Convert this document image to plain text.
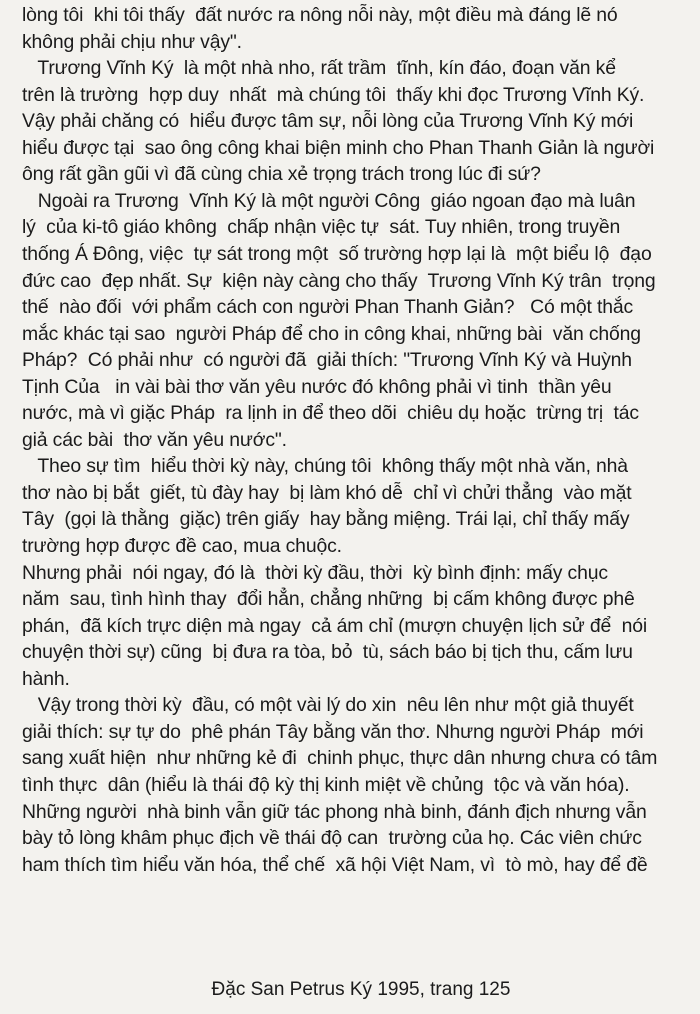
lòng tôi  khi tôi thấy  đất nước ra nông nỗi này, một điều mà đáng lẽ nó
không phải chịu như vậy".
Trương Vĩnh Ký  là một nhà nho, rất trầm  tĩnh, kín đáo, đoạn văn kể
trên là trường  hợp duy  nhất  mà chúng tôi  thấy khi đọc Trương Vĩnh Ký.
Vậy phải chăng có  hiểu được tâm sự, nỗi lòng của Trương Vĩnh Ký mới
hiểu được tại  sao ông công khai biện minh cho Phan Thanh Giản là người
ông rất gần gũi vì đã cùng chia xẻ trọng trách trong lúc đi sứ?
Ngoài ra Trương  Vĩnh Ký là một người Công  giáo ngoan đạo mà luân
lý  của ki-tô giáo không  chấp nhận việc tự  sát. Tuy nhiên, trong truyền
thống Á Đông, việc  tự sát trong một  số trường hợp lại là  một biểu lộ  đạo
đức cao  đẹp nhất. Sự  kiện này càng cho thấy  Trương Vĩnh Ký trân  trọng
thế  nào đối  với phẩm cách con người Phan Thanh Giản?   Có một thắc
mắc khác tại sao  người Pháp để cho in công khai, những bài  văn chống
Pháp?  Có phải như  có người đã  giải thích: "Trương Vĩnh Ký và Huỳnh
Tịnh Của   in vài bài thơ văn yêu nước đó không phải vì tinh  thần yêu
nước, mà vì giặc Pháp  ra lịnh in để theo dõi  chiêu dụ hoặc  trừng trị  tác
giả các bài  thơ văn yêu nước".
Theo sự tìm  hiểu thời kỳ này, chúng tôi  không thấy một nhà văn, nhà
thơ nào bị bắt  giết, tù đày hay  bị làm khó dễ  chỉ vì chửi thẳng  vào mặt
Tây  (gọi là thằng  giặc) trên giấy  hay bằng miệng. Trái lại, chỉ thấy mấy
trường hợp được đề cao, mua chuộc.
Nhưng phải  nói ngay, đó là  thời kỳ đầu, thời  kỳ bình định: mấy chục
năm  sau, tình hình thay  đổi hẳn, chẳng những  bị cấm không được phê
phán,  đã kích trực diện mà ngay  cả ám chỉ (mượn chuyện lịch sử để  nói
chuyện thời sự) cũng  bị đưa ra tòa, bỏ  tù, sách báo bị tịch thu, cấm lưu
hành.
Vậy trong thời kỳ  đầu, có một vài lý do xin  nêu lên như một giả thuyết
giải thích: sự tự do  phê phán Tây bằng văn thơ. Nhưng người Pháp  mới
sang xuất hiện  như những kẻ đi  chinh phục, thực dân nhưng chưa có tâm
tình thực  dân (hiểu là thái độ kỳ thị kinh miệt về chủng  tộc và văn hóa).
Những người  nhà binh vẫn giữ tác phong nhà binh, đánh địch nhưng vẫn
bày tỏ lòng khâm phục địch về thái độ can  trường của họ. Các viên chức
ham thích tìm hiểu văn hóa, thể chế  xã hội Việt Nam, vì  tò mò, hay để đề
Đặc San Petrus Ký 1995, trang 125
